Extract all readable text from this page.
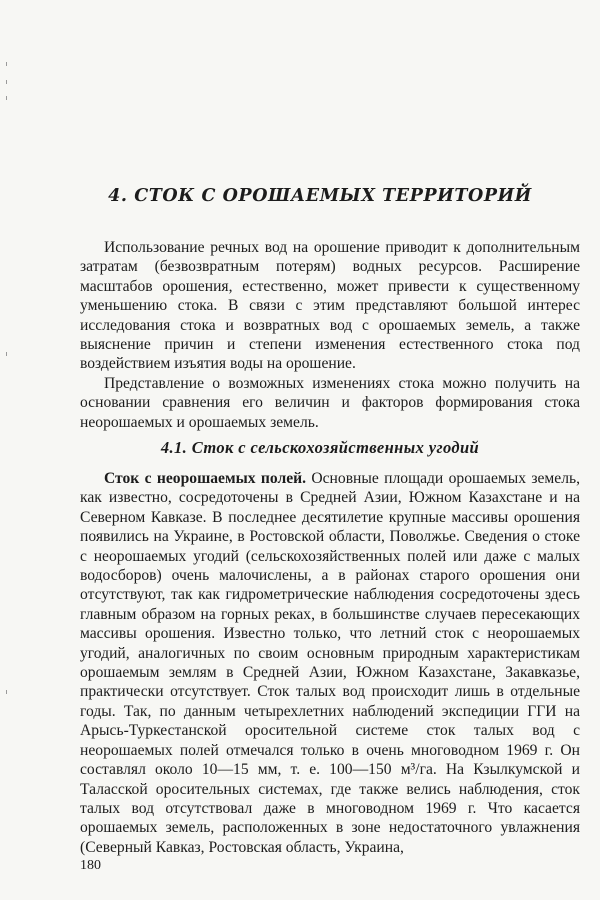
4. СТОК С ОРОШАЕМЫХ ТЕРРИТОРИЙ

Использование речных вод на орошение приводит к дополнительным затратам (безвозвратным потерям) водных ресурсов. Расширение масштабов орошения, естественно, может привести к существенному уменьшению стока. В связи с этим представляют большой интерес исследования стока и возвратных вод с орошаемых земель, а также выяснение причин и степени изменения естественного стока под воздействием изъятия воды на орошение.

Представление о возможных изменениях стока можно получить на основании сравнения его величин и факторов формирования стока неорошаемых и орошаемых земель.

4.1. Сток с сельскохозяйственных угодий

Сток с неорошаемых полей. Основные площади орошаемых земель, как известно, сосредоточены в Средней Азии, Южном Казахстане и на Северном Кавказе. В последнее десятилетие крупные массивы орошения появились на Украине, в Ростовской области, Поволжье. Сведения о стоке с неорошаемых угодий (сельскохозяйственных полей или даже с малых водосборов) очень малочислены, а в районах старого орошения они отсутствуют, так как гидрометрические наблюдения сосредоточены здесь главным образом на горных реках, в большинстве случаев пересекающих массивы орошения. Известно только, что летний сток с неорошаемых угодий, аналогичных по своим основным природным характеристикам орошаемым землям в Средней Азии, Южном Казахстане, Закавказье, практически отсутствует. Сток талых вод происходит лишь в отдельные годы. Так, по данным четырехлетних наблюдений экспедиции ГГИ на Арысь-Туркестанской оросительной системе сток талых вод с неорошаемых полей отмечался только в очень многоводном 1969 г. Он составлял около 10—15 мм, т. е. 100—150 м³/га. На Кзылкумской и Таласской оросительных системах, где также велись наблюдения, сток талых вод отсутствовал даже в многоводном 1969 г. Что касается орошаемых земель, расположенных в зоне недостаточного увлажнения (Северный Кавказ, Ростовская область, Украина,

180
